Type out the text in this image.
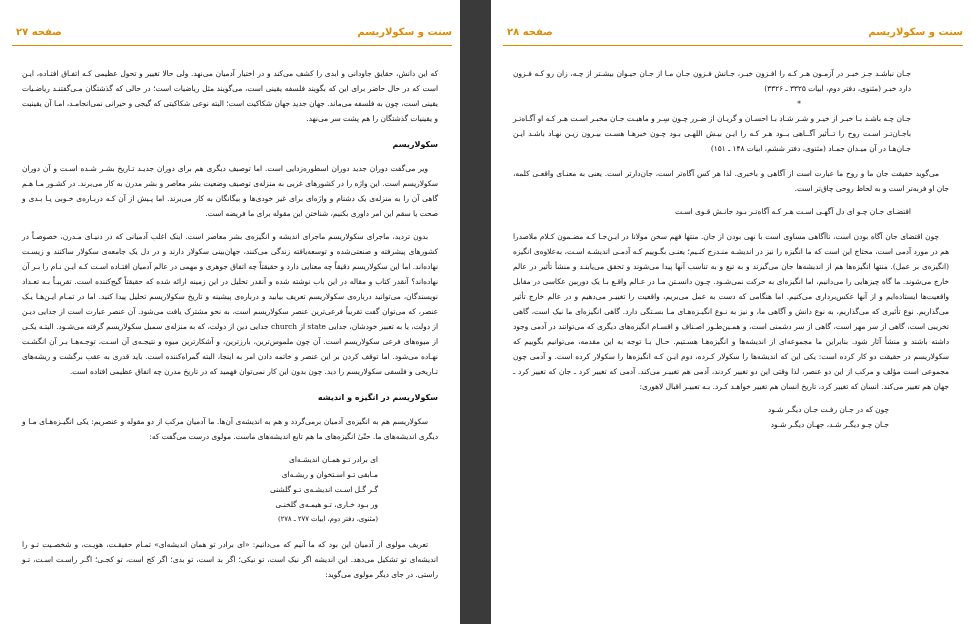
سنت و سکولاریسم
صفحه ۲۷

که این دانش، حقایق جاودانی و ابدی را کشف می‌کند و در اختیار آدمیان می‌نهد. ولی حالا تغییر و تحول عظیمی کـه اتفـاق افتـاده، ایـن است که در حال حاضر برای این که بگویند فلسفه یقینی است، می‌گویند مثل ریاضیات است؛ در حالی که گذشتگان مـی‌گفتنـد ریاضـیات یقینی است، چون به فلسفه می‌ماند. جهان جدید جهان شکاکیت است؛ البته نوعی شکاکیتی که گیجی و حیرانی نمی‌انجامـد، امـا آن یقینیت و یقینیات گذشتگان را هم پشت سر می‌نهد.

سکولاریسم

ویر می‌گفت دوران جدید دوران اسطوره‌زدایی است. اما توصیف دیگری هم برای دوران جدیـد تـاریخ بشـر شـده اسـت و آن دوران سکولاریسم است. این واژه را در کشورهای غربی به منزله‌ی توصیف وضعیت بشر معاصر و بشر مدرن به کار می‌برند. در کشـور مـا هـم گاهی آن را به منزله‌ی یک دشنام و واژه‌ای برای غیر خودی‌ها و بیگانگان به کار می‌برند. اما پـیش از آن کـه دربـاره‌ی خـوبی یـا بـدی و صحت یا سقم این امر داوری بکنیم، شناختن این مقوله برای ما فریضه است.

بدون تردید، ماجرای سکولاریسم ماجرای اندیشه و انگیزه‌ی بشر معاصر است. اینک اغلب آدمیانی که در دنیـای مـدرن، خصوصـاً در کشورهای پیشرفته و صنعتی‌شده و توسعه‌یافته زندگی می‌کنند، جهان‌بینی سکولار دارند و در دل یک جامعه‌ی سکولار ساکنند و زیسـت نهاده‌اند. اما این سکولاریسم دقیقاً چه معنایی دارد و حقیقتاً چه اتفاق جوهری و مهمی در عالم آدمیان افتـاده اسـت کـه ایـن نـام را بـر آن نهاده‌اند؟ آنقدر کتاب و مقاله در این باب نوشته شده و آنقدر تحلیل در این زمینه ارائه شده که حقیقتاً گیج‌کننده است. تقریبـاً بـه تعـداد نویسندگان، می‌توانید درباره‌ی سکولاریسم تعریف بیابید و درباره‌ی پیشینه و تاریخ سکولاریسم تحلیل پیدا کنید. اما در تمـام ایـن‌هـا یـک عنصر، که می‌توان گفت تقریباً فرعی‌ترین عنصر سکولاریسم است، به نحو مشترک یافت می‌شود. آن عنصر عبارت است از جدایی دیـن از دولت، یا به تعبیر خودشان، جدایی state از church جدایی دین از دولت، که به منزله‌ی سمبل سکولاریسم گرفته می‌شـود. البتـه یکـی از میوه‌های فرعی سکولاریسم است. آن چون ملموس‌ترین، بارزترین، و آشکارترین میوه و نتیجـه‌ی آن اسـت، توجـه‌هـا بـر آن انگشـت نهـاده می‌شود. اما توقف کردن بر این عنصر و خاتمه دادن امر به اینجا، البته گمراه‌کننده است. باید قدری به عقب برگشت و ریشه‌های تـاریخی و فلسفی سکولاریسم را دید. چون بدون این کار نمی‌توان فهمید که در تاریخ مدرن چه اتفاق عظیمی افتاده است.

سکولاریسم در انگیزه و اندیشه

سکولاریسم هم به انگیزه‌ی آدمیان برمی‌گردد و هم به اندیشه‌ی آن‌ها. ما آدمیان مرکب از دو مقوله و عنصریم: یکی انگیـزه‌هـای مـا و دیگری اندیشه‌های ما. حتّیٰ انگیزه‌های ما هم تابع اندیشه‌های ماست. مولوی درست می‌گفت که:

ای برادر تـو همـان اندیشـه‌ای
مـابقی تـو اسـتخوان و ریشـه‌ای
گـر گـل اسـت اندیشـه‌ی تـو گلشنی
ور بـود خـاری، تـو هیمـه‌ی گلخنـی
(مثنوی، دفتر دوم، ابیات ۲۷۷ ـ ۲۷۸)

تعریف مولوی از آدمیان این بود که ما آنیم که می‌دانیم: «ای برادر تو همان اندیشه‌ای» تمـام حقیقـت، هویـت، و شخصـیت تـو را اندیشه‌ای تو تشکیل می‌دهد. این اندیشه اگر نیک است، تو نیکی؛ اگر بد است، تو بدی؛ اگر کج است، تو کجـی؛ اگـر راسـت اسـت، تـو راستی. در جای دیگر مولوی می‌گوید:

سنت و سکولاریسم
صفحه ۲۸
جـان نباشـد جـز خبـر در آزمـون هـر کـه را افـزون خبـر، جـانش فـزون جـان مـا از جـان حیـوان بیشـتر از چـه، زان رو کـه فـزون دارد خبـر (مثنوی، دفتر دوم، ابیات ۳۳۲۵ ـ ۳۳۲۶)
*
جـان چـه باشـد بـا خبـر از خیـر و شـر شـاد بـا احسـان و گریـان از ضـرر چـون سِـر و ماهیـت جـان مخبـر اسـت هـر کـه او آگـاه‌تـر باجـان‌تـر اسـت روح را تــأثیر آگــاهی بــود هـر کـه را ایـن بیـش اللهـی بـود چـون خبرهـا هسـت بیـرون زیـن نهـاد باشـد ایـن جـان‌هـا در آن میـدان جمـاد (مثنوی، دفتر ششم، ابیات ۱۴۸ ـ ۱۵۱)

می‌گوید حقیقت جان ما و روح ما عبارت است از آگاهی و باخبری. لذا هر کس آگاه‌تر است، جان‌دارتر است. یعنی به معنـای واقعـی کلمه، جان او فربه‌تر است و به لحاظ روحی چاق‌تر است.

اقتضـای جـان چـو ای دل آگهـی اسـت هـر کـه آگاه‌تـر بـود جانـش قـوی اسـت

چون اقتضای جان آگاه بودن است، ناآگاهی مساوی است با نهی بودن از جان. منتها فهم سخن مولانا در ایـن‌جـا کـه مضـمون کـلام ملاصدرا هم در مورد آدمی است، محتاج این است که ما انگیزه را نیز در اندیشـه منـدرج کنـیم؛ یعنـی بگـوییم کـه آدمـی اندیشـه اسـت، به‌علاوه‌ی انگیزه (انگیزه‌ی بر عمل). منتها انگیزه‌ها هم از اندیشه‌ها جان می‌گیرند و به تبع و به تناسب آنها پیدا می‌شوند و تحقق می‌یابنـد و منشأ تأثیر در عالم خارج می‌شوند. ما گاه چیزهایی را می‌دانیم، اما انگیزه‌ای به حرکت نمی‌شـود. چـون دانسـتن مـا در عـالم واقـع بـا یک دوربین عکاسی در مقابل واقعیت‌ها ایستاده‌ایم و از آنها عکس‌برداری می‌کنیم. اما هنگامی که دست به عمل می‌بریم، واقعیت را تغییـر می‌دهیم و در عالم خارج تأثیر می‌گذاریم. نوع تأثیری که می‌گذاریم، به نوع دانش و آگاهی ما، و نیز به نـوع انگیـزه‌هـای مـا بسـتگی دارد. گاهی انگیزه‌ای ما نیک است، گاهی تخریبی است، گاهی از سر مهر است، گاهی از سر دشمنی است، و همـین‌طـور اصـناف و اقسـام انگیزه‌های دیگری که می‌توانند در آدمی وجود داشته باشند و منشأ آثار شود. بنابراین ما مجموعه‌ای از اندیشه‌ها و انگیزه‌هـا هسـتیم. حـال بـا توجه به این مقدمه، می‌توانیم بگوییم که سکولاریسم در حقیقت دو کار کرده است: یکی این که اندیشه‌ها را سکولار کـرده، دوم ایـن کـه انگیزه‌ها را سکولار کرده است. و آدمی چون مجموعی است مؤلف و مرکب از این دو عنصر، لذا وقتی این دو تغییر کردند، آدمی هم تغییـر می‌کند. آدمی که تغییر کرد ـ جان که تغییر کرد ـ جهان هم تغییر می‌کند. انسان که تغییر کرد، تاریخ انسان هم تغییر خواهـد کـرد. بـه تعبیـر اقبال لاهوری:

چون که در جـان رفـت جـان دیگـر شـود
جـان چـو دیگـر شـد، جهـان دیگـر شـود
